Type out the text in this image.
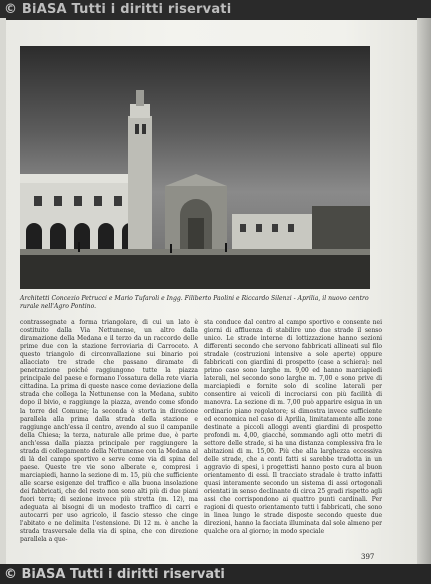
© BiASA Tutti i diritti riservati
Architetti Concezio Petrucci e Mario Tufaroli e Ingg. Filiberto Paolini e Riccardo Silenzi - Aprilia, il nuovo centro rurale nell'Agro Pontino.
contrassegnate a forma triangolare, di cui un lato è costituito dalla Via Nettunense, un altro dalla diramazione della Medana e il terzo da un raccordo delle prime due con la stazione ferroviaria di Carroceto. A questo triangolo di circonvallazione sui binario poi allacciato tre strade che passano diramate di penetrazione poiché raggiungono tutte la piazza principale del paese e formano l'ossatura della rete viaria cittadina. La prima di queste nasce come deviazione della strada che collega la Nettunense con la Medana, subito dopo il bivio, e raggiunge la piazza, avendo come sfondo la torre del Comune; la seconda è storta in direzione parallela alla prima dalla strada della stazione e raggiunge anch'essa il centro, avendo al suo il campanile della Chiesa; la terza, naturale alle prime due, è parte anch'essa dalla piazza principale per raggiungere la strada di collegamento della Nettunense con la Medana al di là del campo sportivo e serve come via di spina del paese. Queste tre vie sono alberate e, compresi i marciapiedi, hanno la sezione di m. 15, più che sufficiente alle scarse esigenze del traffico e alla buona insolazione dei fabbricati, che del resto non sono alti più di due piani fuori terra; di sezione invece più stretta (m. 12), ma adeguata ai bisogni di un modesto traffico di carri e autocarri per uso agricolo, il fascio stesso che cinge l'abitato e ne delimita l'estensione. Di 12 m. è anche la strada trasversale della via di spina, che con direzione parallela a que-
sta conduce dal centro al campo sportivo e consente nei giorni di affluenza di stabilire uno due strade il senso unico. Le strade interne di lottizzazione hanno sezioni differenti secondo che servono fabbricati allineati sul filo stradale (costruzioni intensive a sole aperte) oppure fabbricati con giardini di prospetto (case a schiera): nel primo caso sono larghe m. 9,00 ed hanno marciapiedi laterali, nel secondo sono larghe m. 7,00 e sono prive di marciapiedi e fornite solo di scoline laterali per consentire ai veicoli di incrociarsi con più facilità di manovra. La sezione di m. 7,00 può apparire esigua in un ordinario piano regolatore; si dimostra invece sufficiente ed economica nel caso di Aprilia, limitatamente alle zone destinate a piccoli alloggi aventi giardini di prospetto profondi m. 4,00, giacché, sommando agli otto metri di settore delle strade, si ha una distanza complessiva fra le abitazioni di m. 15,00. Più che alla larghezza eccessiva delle strade, che a conti fatti si sarebbe tradotta in un aggravio di spesi, i progettisti hanno posto cura al buon orientamento di essi. Il tracciato stradale è tratto infatti quasi interamente secondo un sistema di assi ortogonali orientati in senso declinante di circa 25 gradi rispetto agli assi che corrispondono ai quattro punti cardinali. Per ragioni di questo orientamento tutti i fabbricati, che sono in linea lungo le strade disposte secondo queste due direzioni, hanno la facciata illuminata dal sole almeno per qualche ora al giorno; in modo speciale
397
© BiASA Tutti i diritti riservati
